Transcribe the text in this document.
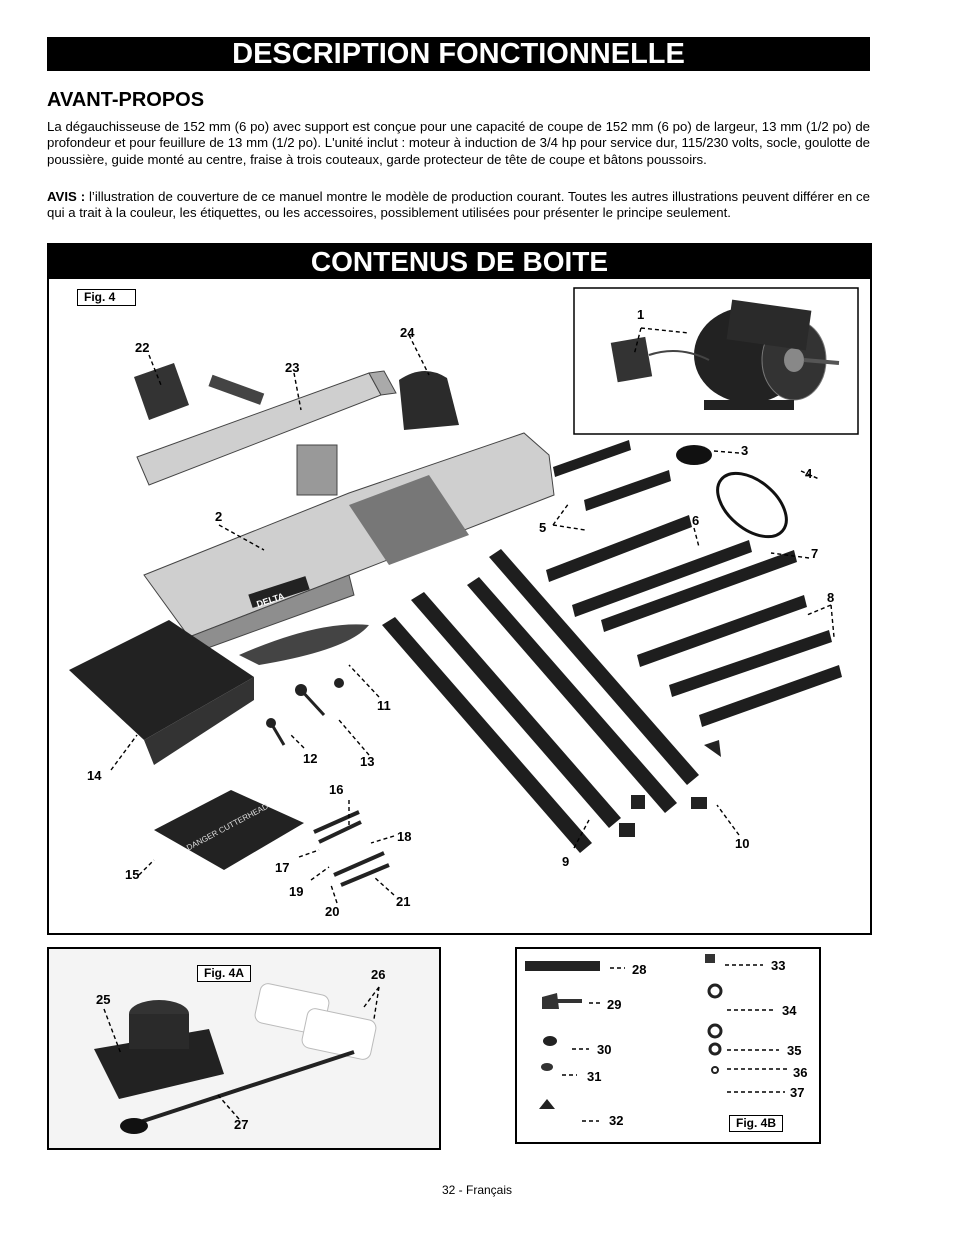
DESCRIPTION FONCTIONNELLE
AVANT-PROPOS
La dégauchisseuse de 152 mm (6 po) avec support est conçue pour une capacité de coupe de 152 mm (6 po) de largeur, 13 mm (1/2 po) de profondeur et pour feuillure de 13 mm (1/2 po). L'unité inclut : moteur à induction de 3/4 hp pour service dur, 115/230 volts, socle, goulotte de poussière, guide monté au centre, fraise à trois couteaux, garde protecteur de tête de coupe et bâtons poussoirs.
AVIS : l’illustration de couverture de ce manuel montre le modèle de production courant. Toutes les autres illustrations peuvent différer en ce qui a trait à la couleur, les étiquettes, ou les accessoires, possiblement utilisées pour présenter le principe seulement.
CONTENUS DE BOITE
Fig. 4
DELTA
DANGER CUTTERHEAD
1
2
3
4
5	6
7
8
9
10
11
12	13
14
15
16
17
18
19
20
21
22
23
24
Fig. 4A
25
26
27	Fig. 4B
28
29
30
31
32
33
34
35
36
37
32 - Français
